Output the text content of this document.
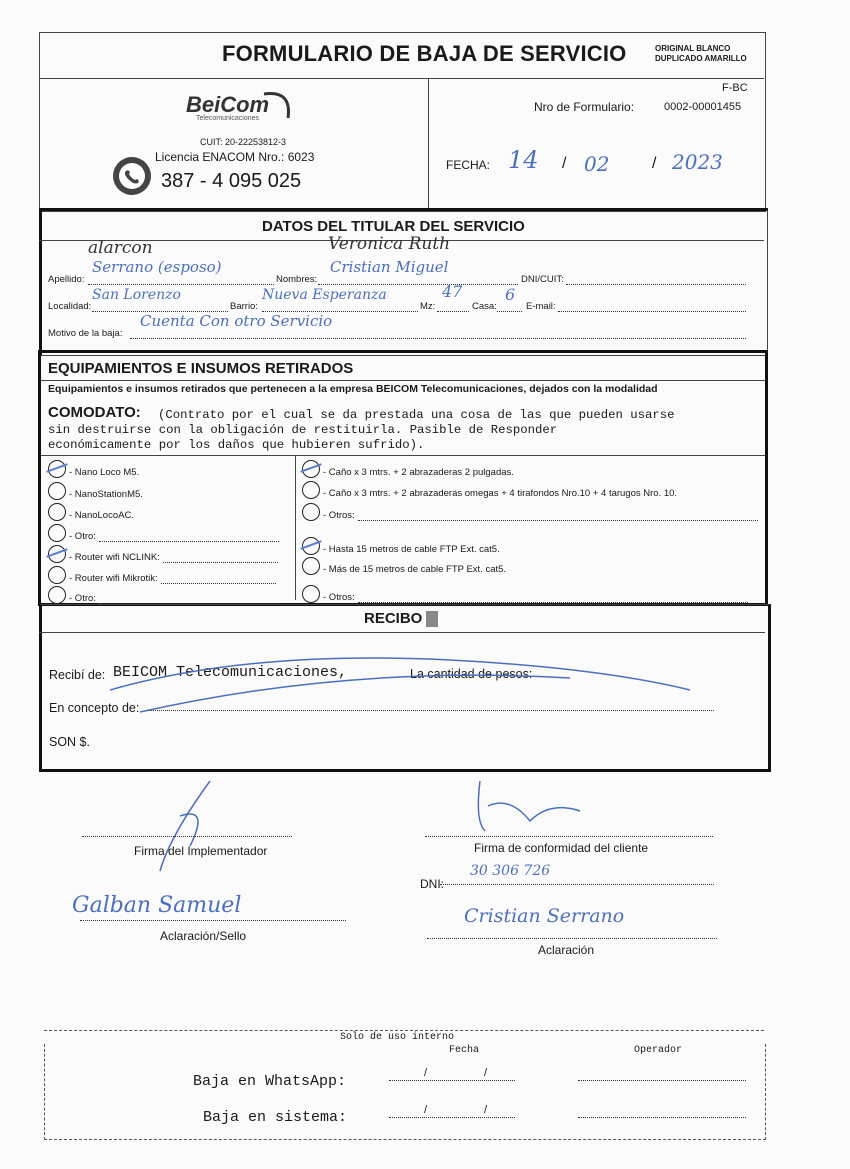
FORMULARIO DE BAJA DE SERVICIO	ORIGINAL BLANCO
DUPLICADO AMARILLO
BeiCom
Telecomunicaciones
CUIT: 20-22253812-3
Licencia ENACOM Nro.: 6023
387 - 4 095 025
F-BC
Nro de Formulario:	0002-00001455
FECHA: 14 / 02	/ 2023
DATOS DEL TITULAR DEL SERVICIO
alarcon	Veronica Ruth
Apellido:
Serrano (esposo)
Nombres:
Cristian Miguel
DNI/CUIT:
Localidad:
San Lorenzo
Barrio:
Nueva Esperanza
Mz:
47
Casa:
6
E-mail:
Motivo de la baja:
Cuenta Con otro Servicio
EQUIPAMIENTOS E INSUMOS RETIRADOS
Equipamientos e insumos retirados que pertenecen a la empresa BEICOM Telecomunicaciones, dejados con la modalidad
COMODATO: (Contrato por el cual se da prestada una cosa de las que pueden usarse
sin destruirse con la obligación de restituirla. Pasible de Responder
económicamente por los daños que hubieren sufrido).
- Nano Loco M5.
- NanoStationM5.
- NanoLocoAC.
- Otro:
- Router wifi NCLINK:
- Router wifi Mikrotik:
- Otro:
- Caño x 3 mtrs. + 2 abrazaderas 2 pulgadas.
- Caño x 3 mtrs. + 2 abrazaderas omegas + 4 tirafondos Nro.10 + 4 tarugos Nro. 10.
- Otros:
- Hasta 15 metros de cable FTP Ext. cat5.
- Más de 15 metros de cable FTP Ext. cat5.
- Otros:
RECIBO
Recibí de: BEICOM Telecomunicaciones,	La cantidad de pesos:
En concepto de:
SON $.
Firma del Implementador	Firma de conformidad del cliente
DNI:
30 306 726
Galban Samuel
Aclaración/Sello
Cristian Serrano
Aclaración
Solo de uso interno
Fecha	Operador
Baja en WhatsApp:	/	/
Baja en sistema:	/	/
